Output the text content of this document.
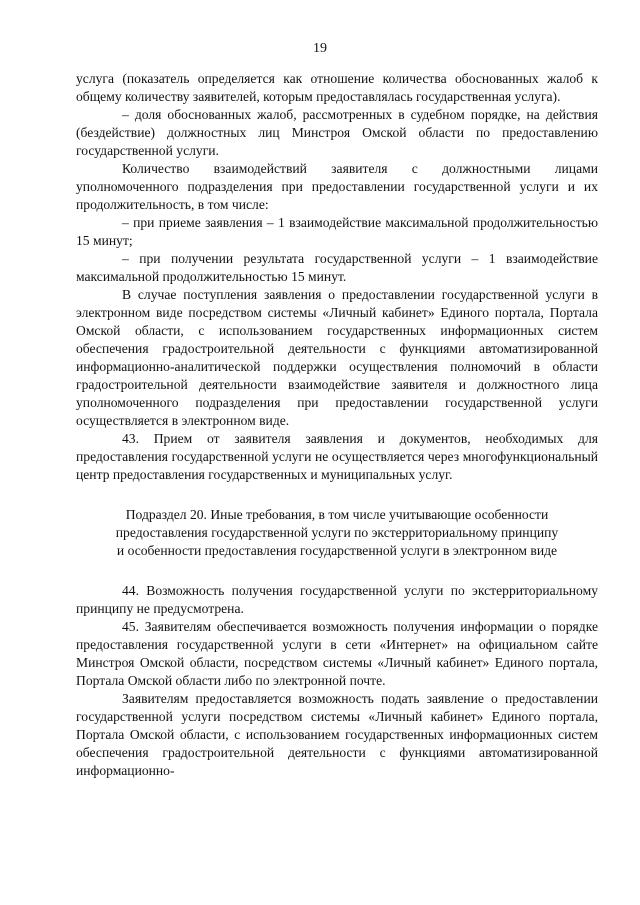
19

услуга (показатель определяется как отношение количества обоснованных жалоб к общему количеству заявителей, которым предоставлялась государственная услуга).

– доля обоснованных жалоб, рассмотренных в судебном порядке, на действия (бездействие) должностных лиц Минстроя Омской области по предоставлению государственной услуги.

Количество взаимодействий заявителя с должностными лицами уполномоченного подразделения при предоставлении государственной услуги и их продолжительность, в том числе:

– при приеме заявления – 1 взаимодействие максимальной продолжительностью 15 минут;

– при получении результата государственной услуги – 1 взаимодействие максимальной продолжительностью 15 минут.

В случае поступления заявления о предоставлении государственной услуги в электронном виде посредством системы «Личный кабинет» Единого портала, Портала Омской области, с использованием государственных информационных систем обеспечения градостроительной деятельности с функциями автоматизированной информационно-аналитической поддержки осуществления полномочий в области градостроительной деятельности взаимодействие заявителя и должностного лица уполномоченного подразделения при предоставлении государственной услуги осуществляется в электронном виде.

43. Прием от заявителя заявления и документов, необходимых для предоставления государственной услуги не осуществляется через многофункциональный центр предоставления государственных и муниципальных услуг.

Подраздел 20. Иные требования, в том числе учитывающие особенности
предоставления государственной услуги по экстерриториальному принципу
и особенности предоставления государственной услуги в электронном виде

44. Возможность получения государственной услуги по экстерриториальному принципу не предусмотрена.

45. Заявителям обеспечивается возможность получения информации о порядке предоставления государственной услуги в сети «Интернет» на официальном сайте Минстроя Омской области, посредством системы «Личный кабинет» Единого портала, Портала Омской области либо по электронной почте.

Заявителям предоставляется возможность подать заявление о предоставлении государственной услуги посредством системы «Личный кабинет» Единого портала, Портала Омской области, с использованием государственных информационных систем обеспечения градостроительной деятельности с функциями автоматизированной информационно-
